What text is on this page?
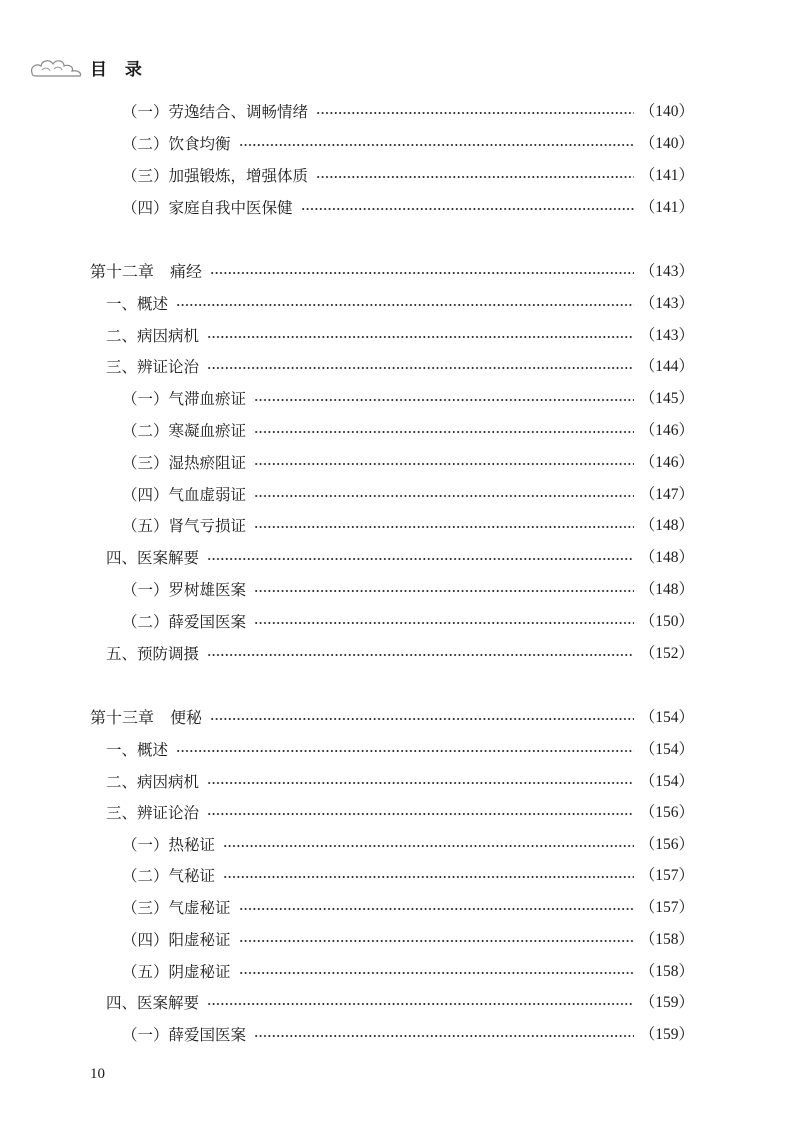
目 录
（一）劳逸结合、调畅情绪	（140）
（二）饮食均衡	（140）
（三）加强锻炼，增强体质	（141）
（四）家庭自我中医保健	（141）
第十二章　痛经	（143）
一、概述	（143）
二、病因病机	（143）
三、辨证论治	（144）
（一）气滞血瘀证	（145）
（二）寒凝血瘀证	（146）
（三）湿热瘀阻证	（146）
（四）气血虚弱证	（147）
（五）肾气亏损证	（148）
四、医案解要	（148）
（一）罗树雄医案	（148）
（二）薛爱国医案	（150）
五、预防调摄	（152）
第十三章　便秘	（154）
一、概述	（154）
二、病因病机	（154）
三、辨证论治	（156）
（一）热秘证	（156）
（二）气秘证	（157）
（三）气虚秘证	（157）
（四）阳虚秘证	（158）
（五）阴虚秘证	（158）
四、医案解要	（159）
（一）薛爱国医案	（159）
10
